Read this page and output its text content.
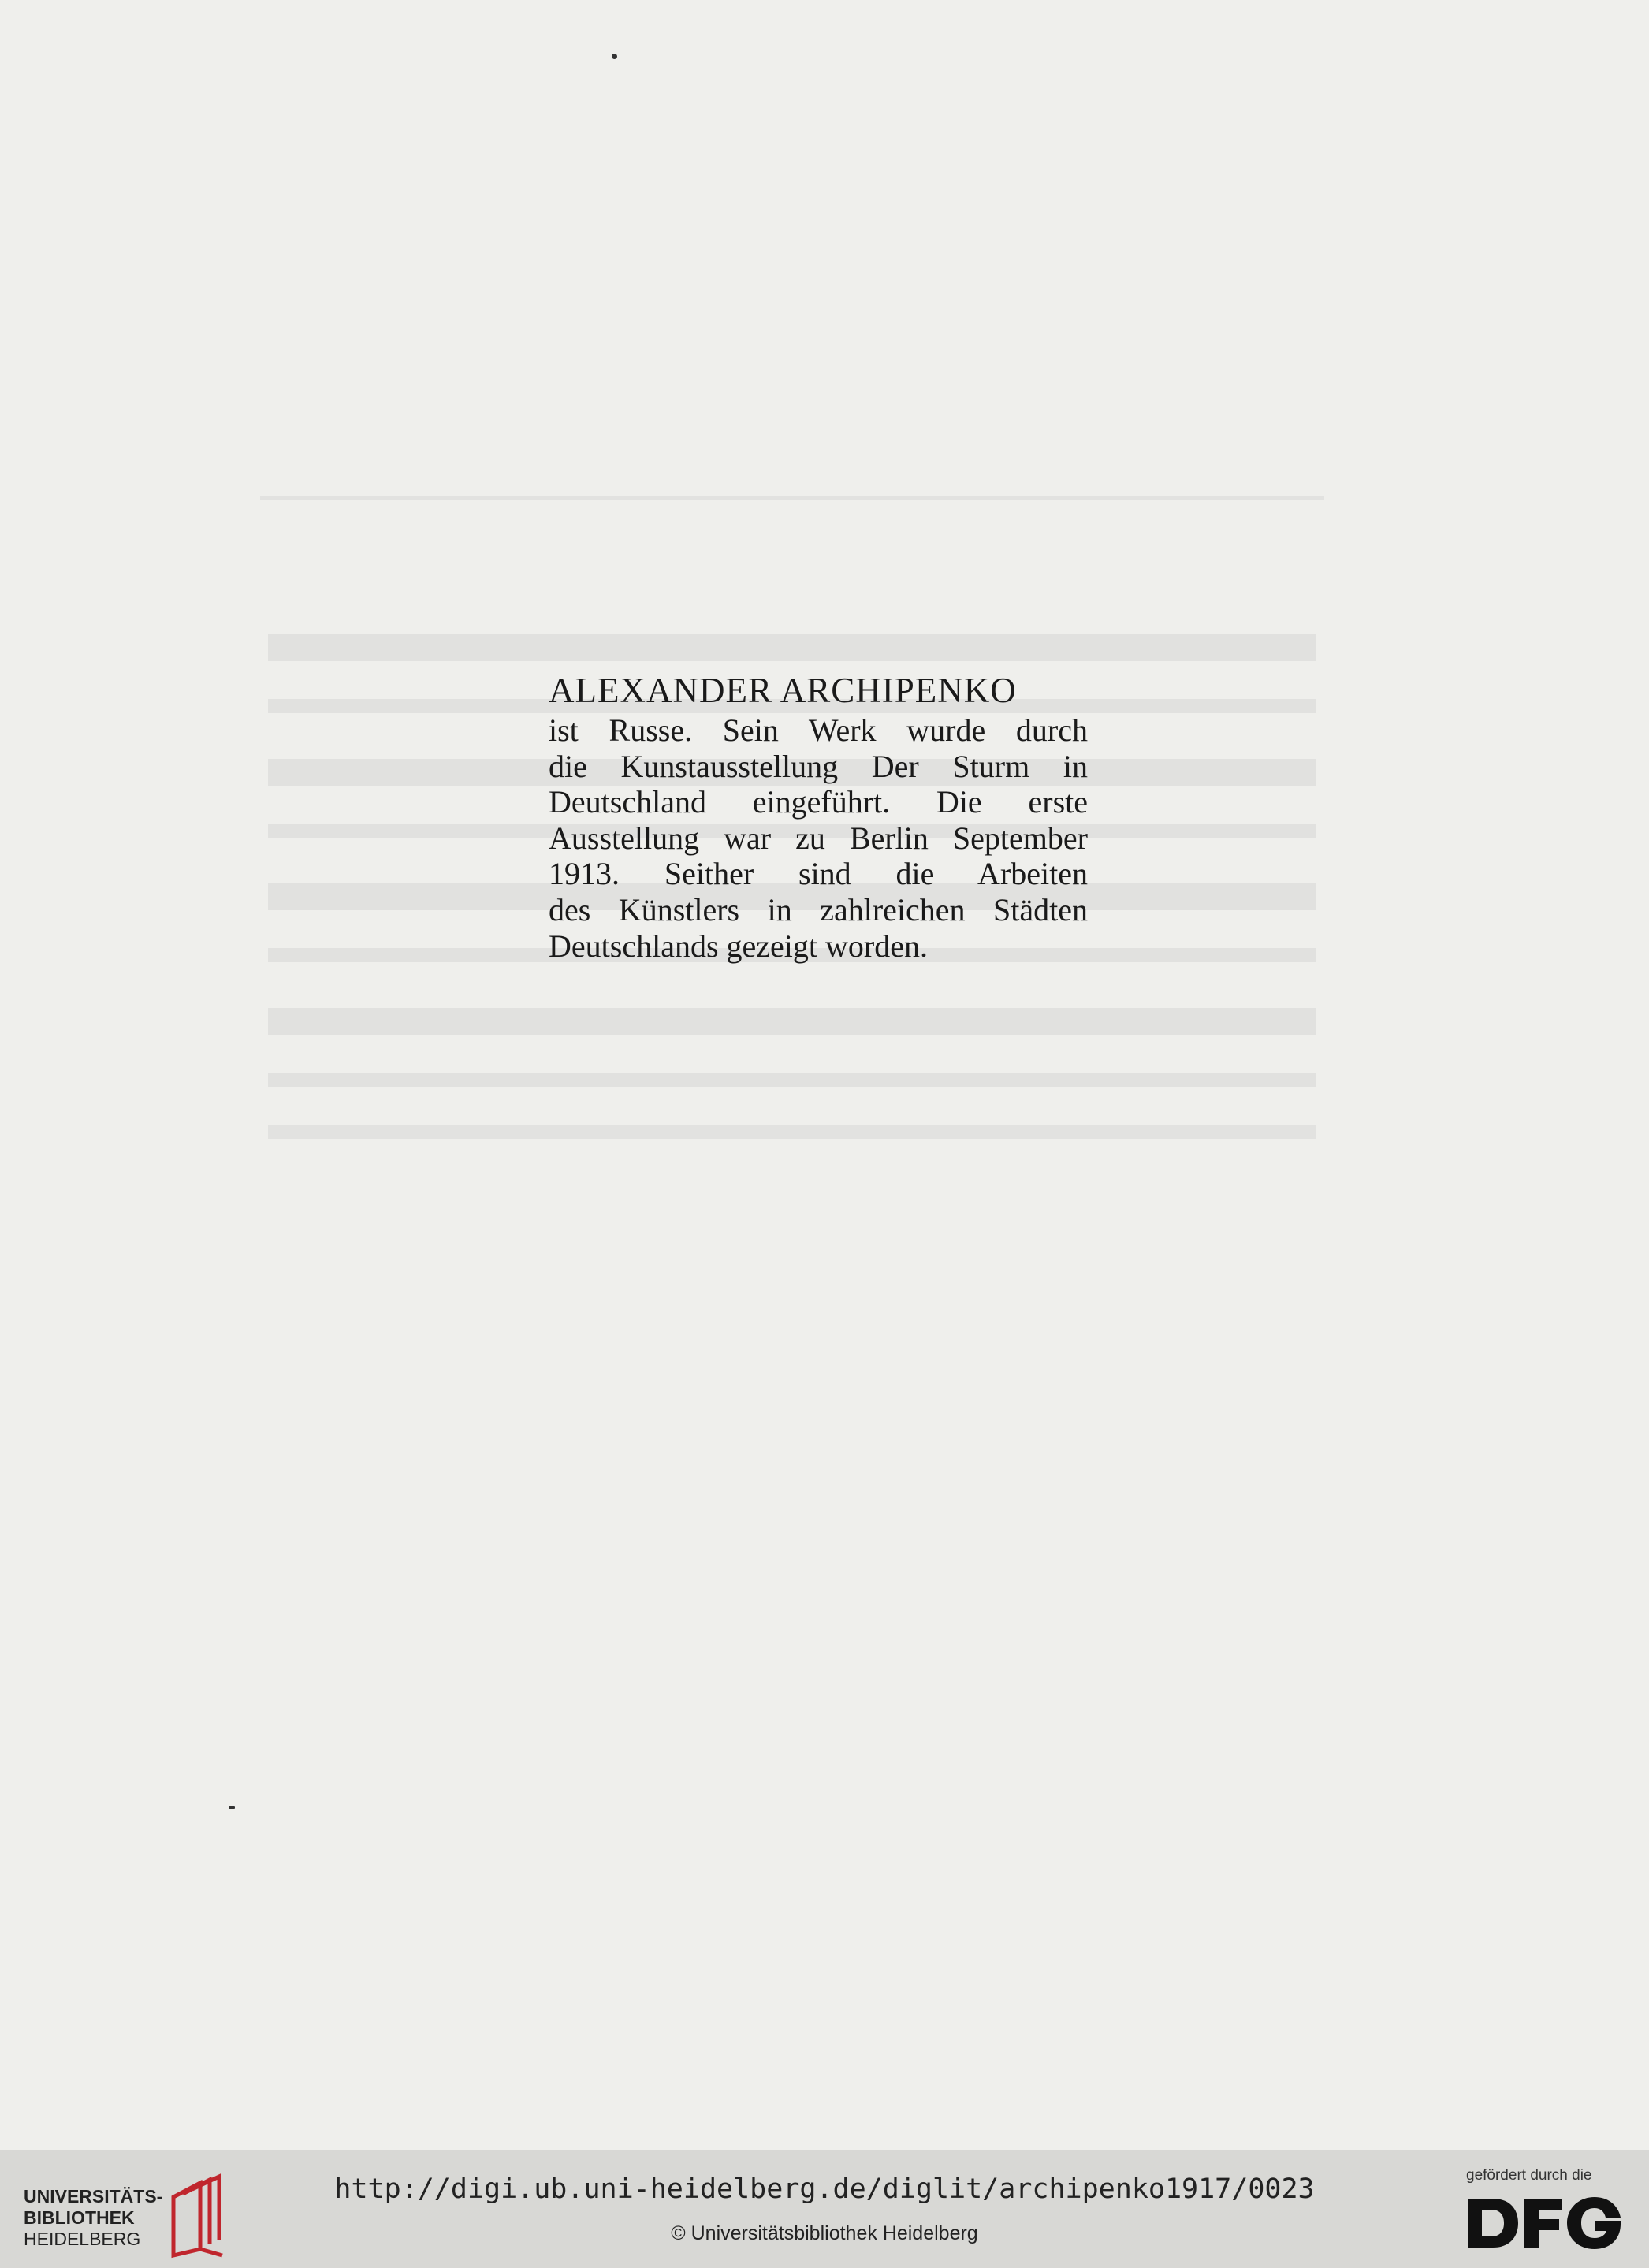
ALEXANDER ARCHIPENKO
ist Russe. Sein Werk wurde durch
die Kunstausstellung Der Sturm in
Deutschland eingeführt. Die erste
Ausstellung war zu Berlin September
1913. Seither sind die Arbeiten
des Künstlers in zahlreichen Städten
Deutschlands gezeigt worden.
UNIVERSITÄTS-
BIBLIOTHEK
HEIDELBERG
http://digi.ub.uni-heidelberg.de/diglit/archipenko1917/0023
© Universitätsbibliothek Heidelberg
gefördert durch die
